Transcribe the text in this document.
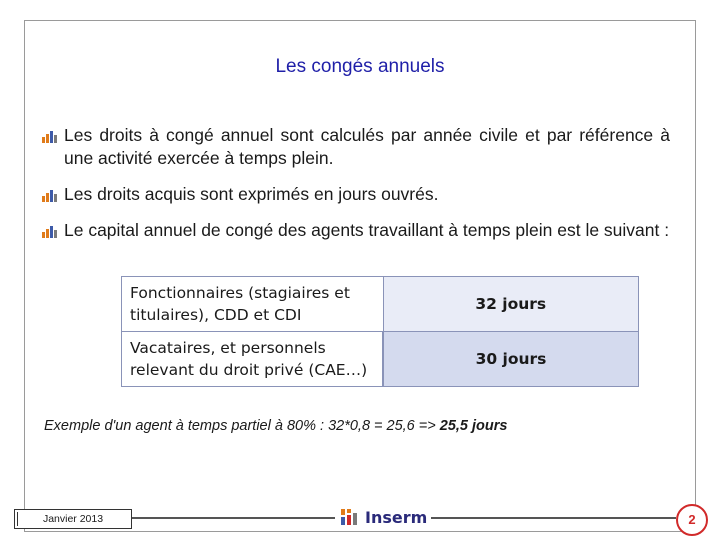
Les congés annuels
Les droits à congé annuel sont calculés par année civile et par référence à une activité exercée à temps plein.
Les droits acquis sont exprimés en jours ouvrés.
Le capital annuel de congé des agents travaillant à temps plein est le suivant :
Fonctionnaires (stagiaires et titulaires), CDD et CDI	32 jours
Vacataires, et personnels relevant du droit privé (CAE…)	30 jours
Exemple d'un agent à temps partiel à 80% : 32*0,8 = 25,6 => 25,5 jours
Janvier 2013	Inserm	2
